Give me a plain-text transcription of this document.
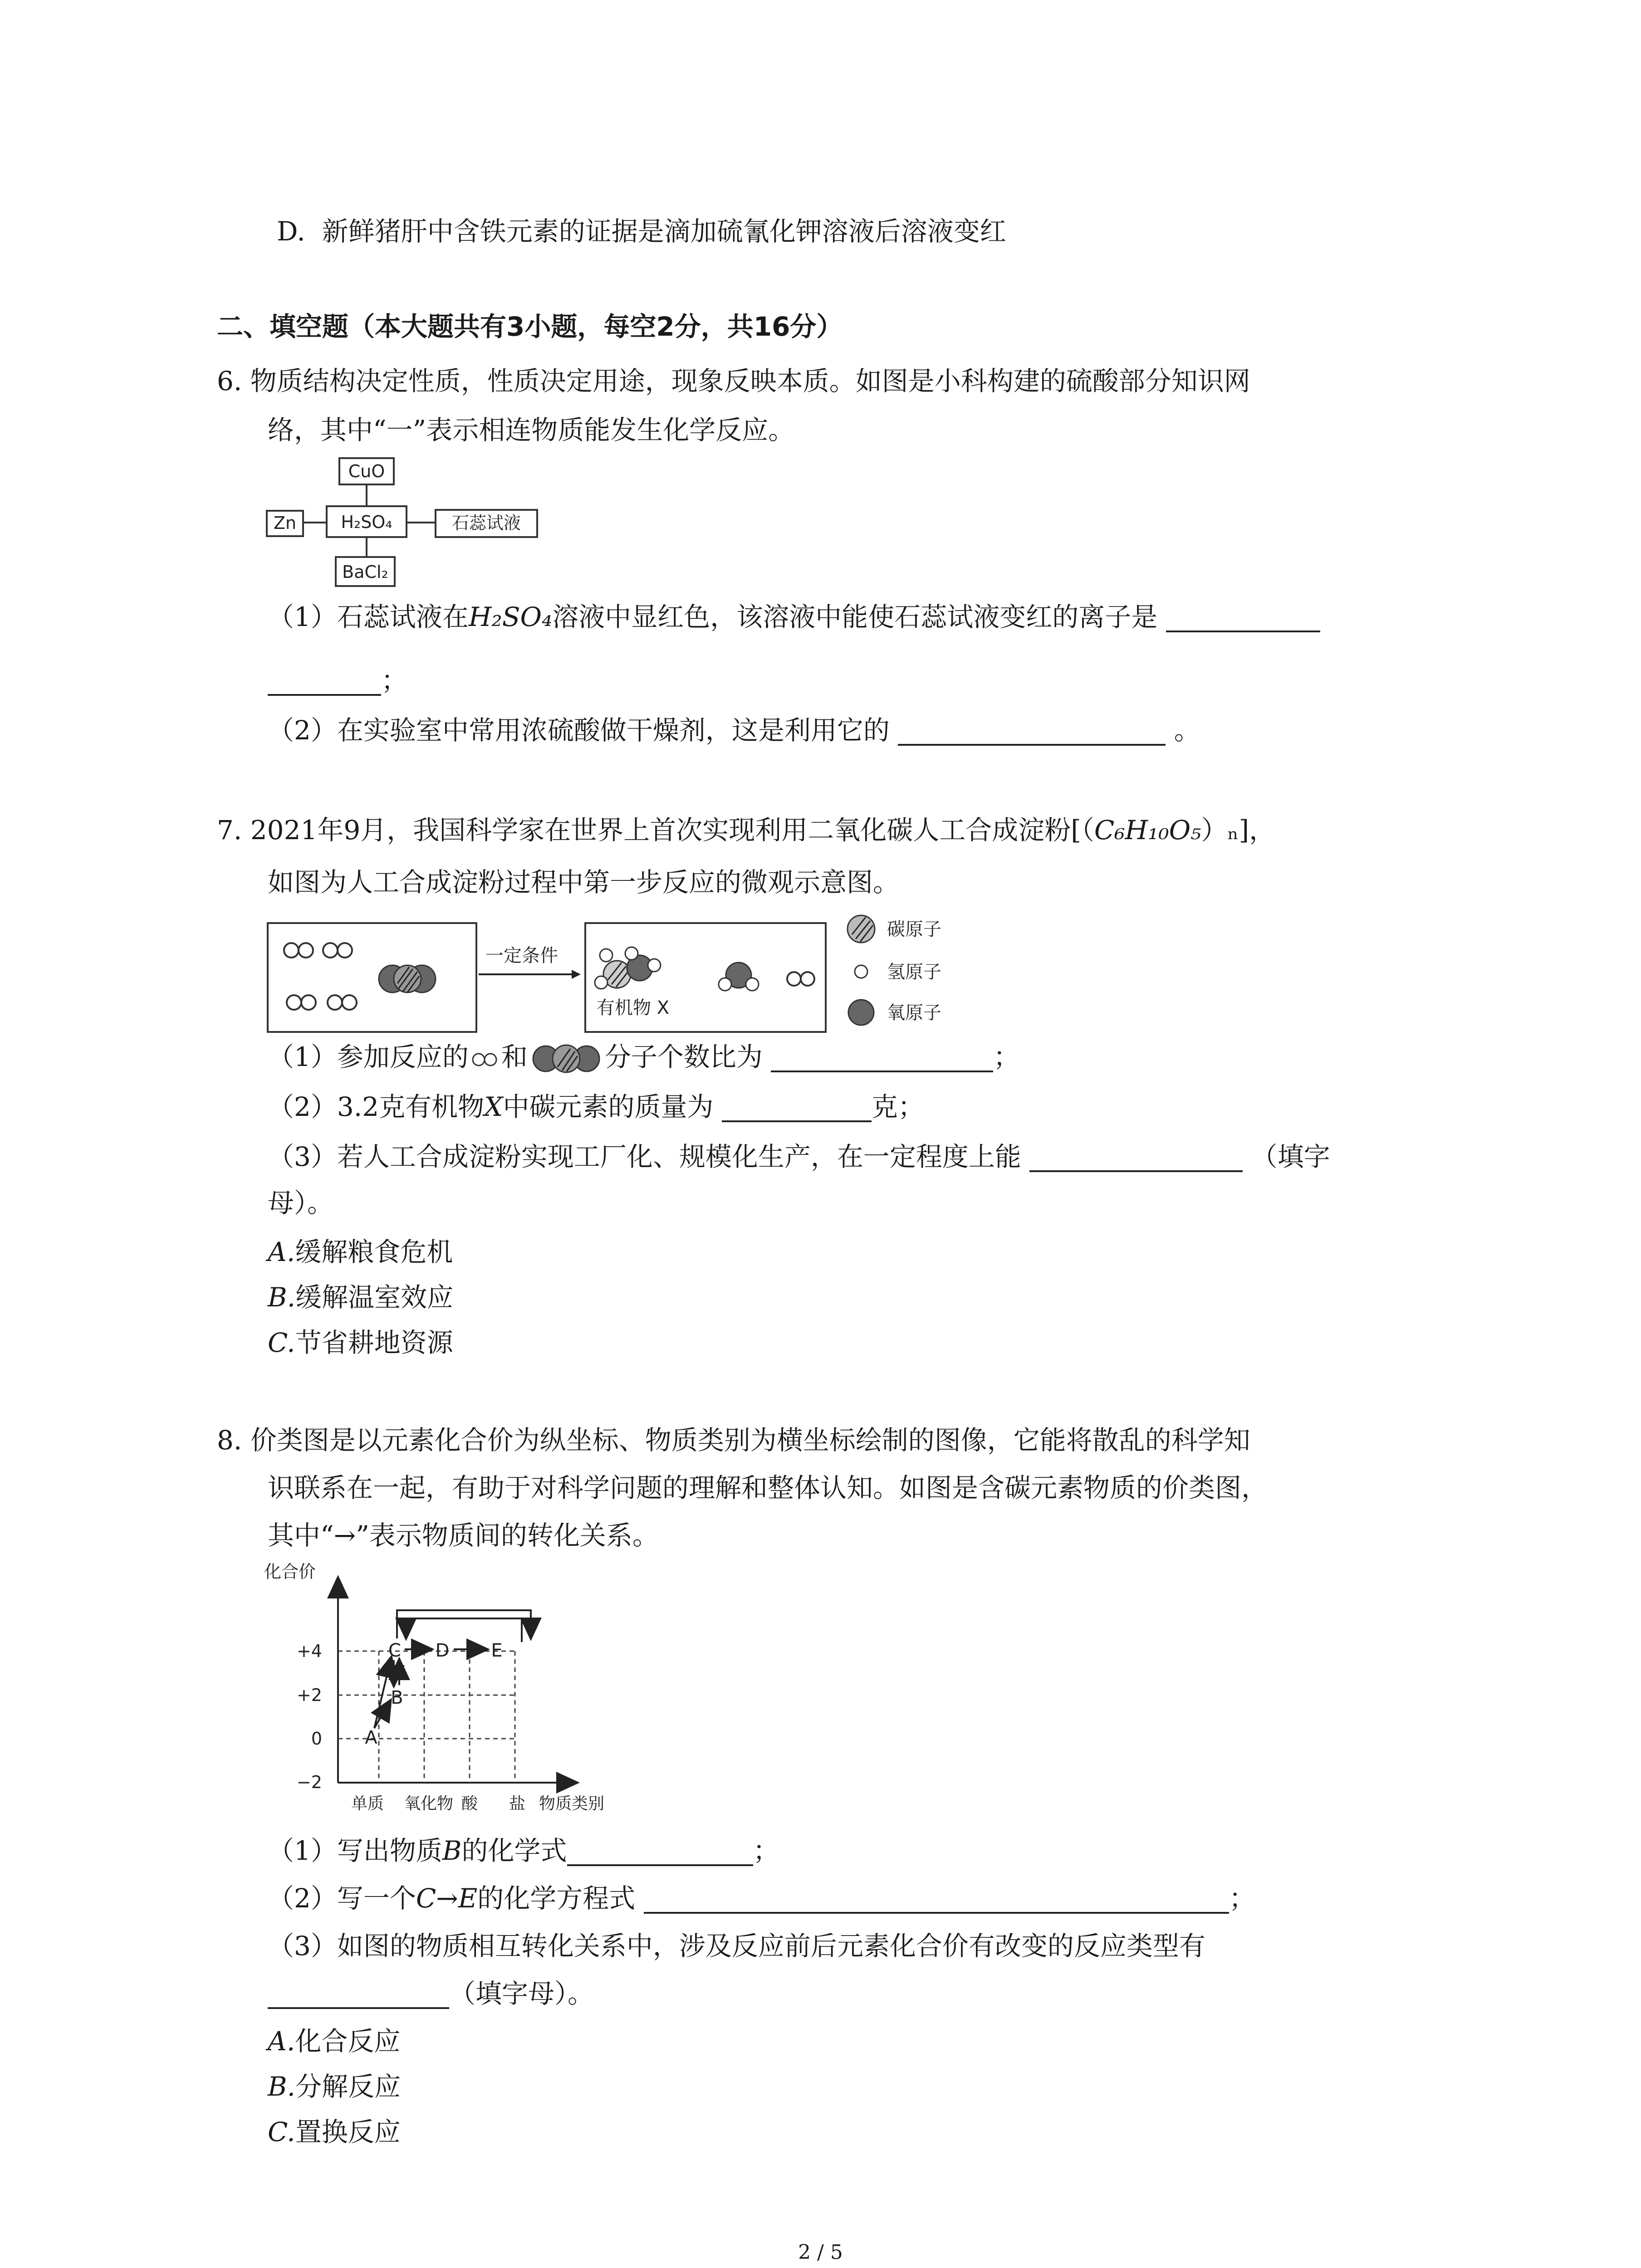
D. 新鲜猪肝中含铁元素的证据是滴加硫氰化钾溶液后溶液变红
二、填空题（本大题共有3小题，每空2分，共16分）
6. 物质结构决定性质，性质决定用途，现象反映本质。如图是小科构建的硫酸部分知识网
络，其中“一”表示相连物质能发生化学反应。
CuO
H₂SO₄
Zn	石蕊试液
BaCl₂
（1）石蕊试液在H₂SO₄溶液中显红色，该溶液中能使石蕊试液变红的离子是
；
（2）在实验室中常用浓硫酸做干燥剂，这是利用它的	。
7. 2021年9月，我国科学家在世界上首次实现利用二氧化碳人工合成淀粉[（C₆H₁₀O₅）ₙ]，
如图为人工合成淀粉过程中第一步反应的微观示意图。
一定条件
有机物 X
碳原子
氢原子
氧原子
（1）参加反应的 和	分子个数比为	；
（2）3.2克有机物X中碳元素的质量为	克；
（3）若人工合成淀粉实现工厂化、规模化生产，在一定程度上能	（填字
母）。
A.缓解粮食危机
B.缓解温室效应
C.节省耕地资源
8. 价类图是以元素化合价为纵坐标、物质类别为横坐标绘制的图像，它能将散乱的科学知
识联系在一起，有助于对科学问题的理解和整体认知。如图是含碳元素物质的价类图，
其中“→”表示物质间的转化关系。
化合价
物质类别
+4
+2
0
−2
单质 氧化物 酸 盐
A
B
C D E
（1）写出物质B的化学式	；
（2）写一个C→E的化学方程式	；
（3）如图的物质相互转化关系中，涉及反应前后元素化合价有改变的反应类型有
（填字母）。
A.化合反应
B.分解反应
C.置换反应
2 / 5
